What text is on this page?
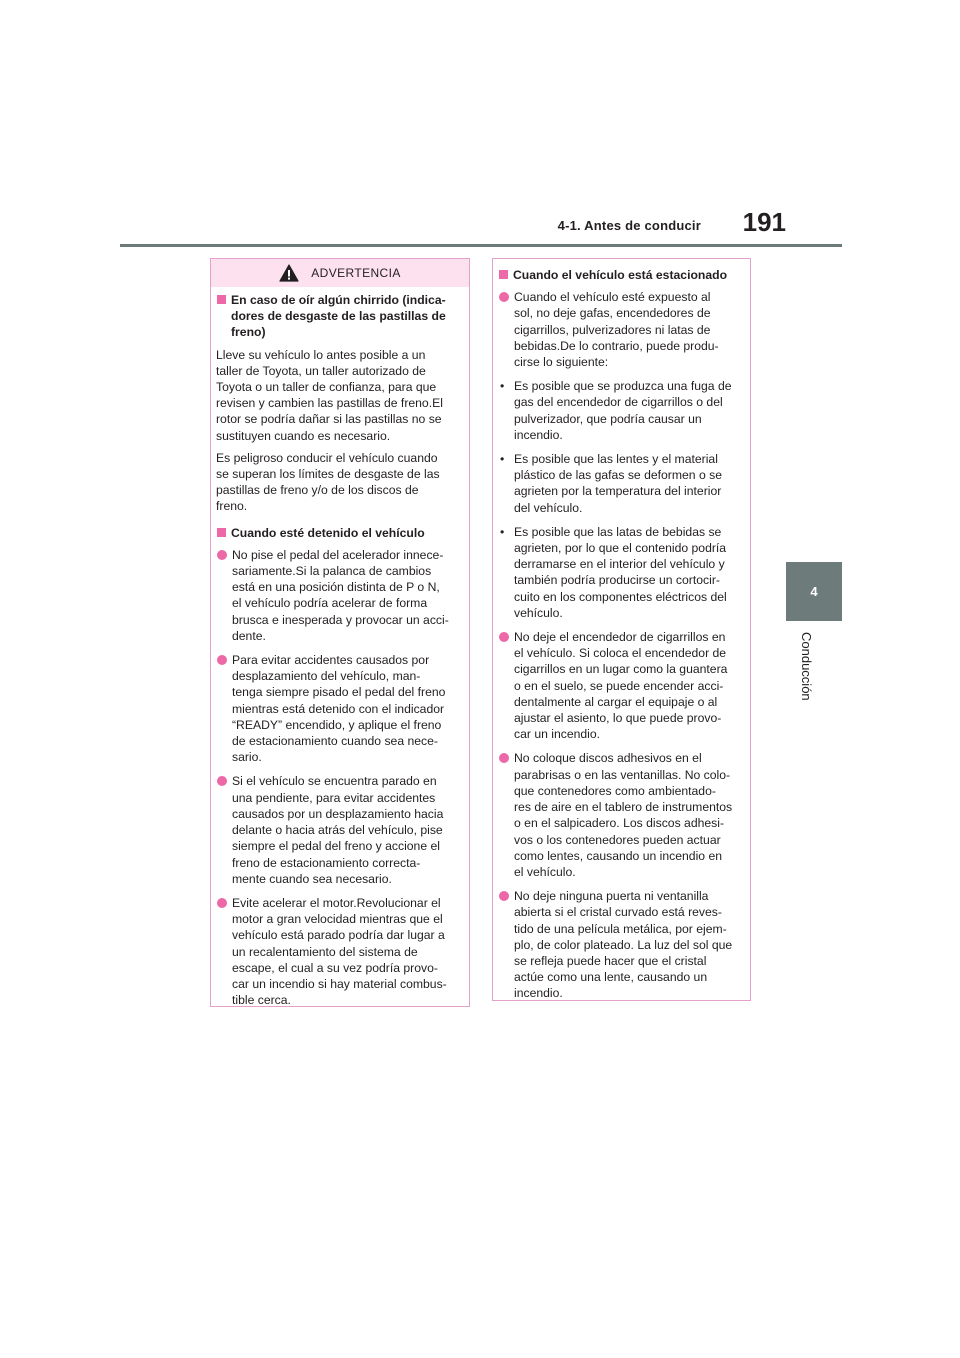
4-1. Antes de conducir	191
4
Conducción
ADVERTENCIA
En caso de oír algún chirrido (indica-
dores de desgaste de las pastillas de
freno)
Lleve su vehículo lo antes posible a un
taller de Toyota, un taller autorizado de
Toyota o un taller de confianza, para que
revisen y cambien las pastillas de freno.El
rotor se podría dañar si las pastillas no se
sustituyen cuando es necesario.
Es peligroso conducir el vehículo cuando
se superan los límites de desgaste de las
pastillas de freno y/o de los discos de
freno.
Cuando esté detenido el vehículo
No pise el pedal del acelerador innece-
sariamente.Si la palanca de cambios
está en una posición distinta de P o N,
el vehículo podría acelerar de forma
brusca e inesperada y provocar un acci-
dente.
Para evitar accidentes causados por
desplazamiento del vehículo, man-
tenga siempre pisado el pedal del freno
mientras está detenido con el indicador
“READY” encendido, y aplique el freno
de estacionamiento cuando sea nece-
sario.
Si el vehículo se encuentra parado en
una pendiente, para evitar accidentes
causados por un desplazamiento hacia
delante o hacia atrás del vehículo, pise
siempre el pedal del freno y accione el
freno de estacionamiento correcta-
mente cuando sea necesario.
Evite acelerar el motor.Revolucionar el
motor a gran velocidad mientras que el
vehículo está parado podría dar lugar a
un recalentamiento del sistema de
escape, el cual a su vez podría provo-
car un incendio si hay material combus-
tible cerca.
Cuando el vehículo está estacionado
Cuando el vehículo esté expuesto al
sol, no deje gafas, encendedores de
cigarrillos, pulverizadores ni latas de
bebidas.De lo contrario, puede produ-
cirse lo siguiente:
• Es posible que se produzca una fuga de
gas del encendedor de cigarrillos o del
pulverizador, que podría causar un
incendio.
• Es posible que las lentes y el material
plástico de las gafas se deformen o se
agrieten por la temperatura del interior
del vehículo.
• Es posible que las latas de bebidas se
agrieten, por lo que el contenido podría
derramarse en el interior del vehículo y
también podría producirse un cortocir-
cuito en los componentes eléctricos del
vehículo.
No deje el encendedor de cigarrillos en
el vehículo. Si coloca el encendedor de
cigarrillos en un lugar como la guantera
o en el suelo, se puede encender acci-
dentalmente al cargar el equipaje o al
ajustar el asiento, lo que puede provo-
car un incendio.
No coloque discos adhesivos en el
parabrisas o en las ventanillas. No colo-
que contenedores como ambientado-
res de aire en el tablero de instrumentos
o en el salpicadero. Los discos adhesi-
vos o los contenedores pueden actuar
como lentes, causando un incendio en
el vehículo.
No deje ninguna puerta ni ventanilla
abierta si el cristal curvado está reves-
tido de una película metálica, por ejem-
plo, de color plateado. La luz del sol que
se refleja puede hacer que el cristal
actúe como una lente, causando un
incendio.
